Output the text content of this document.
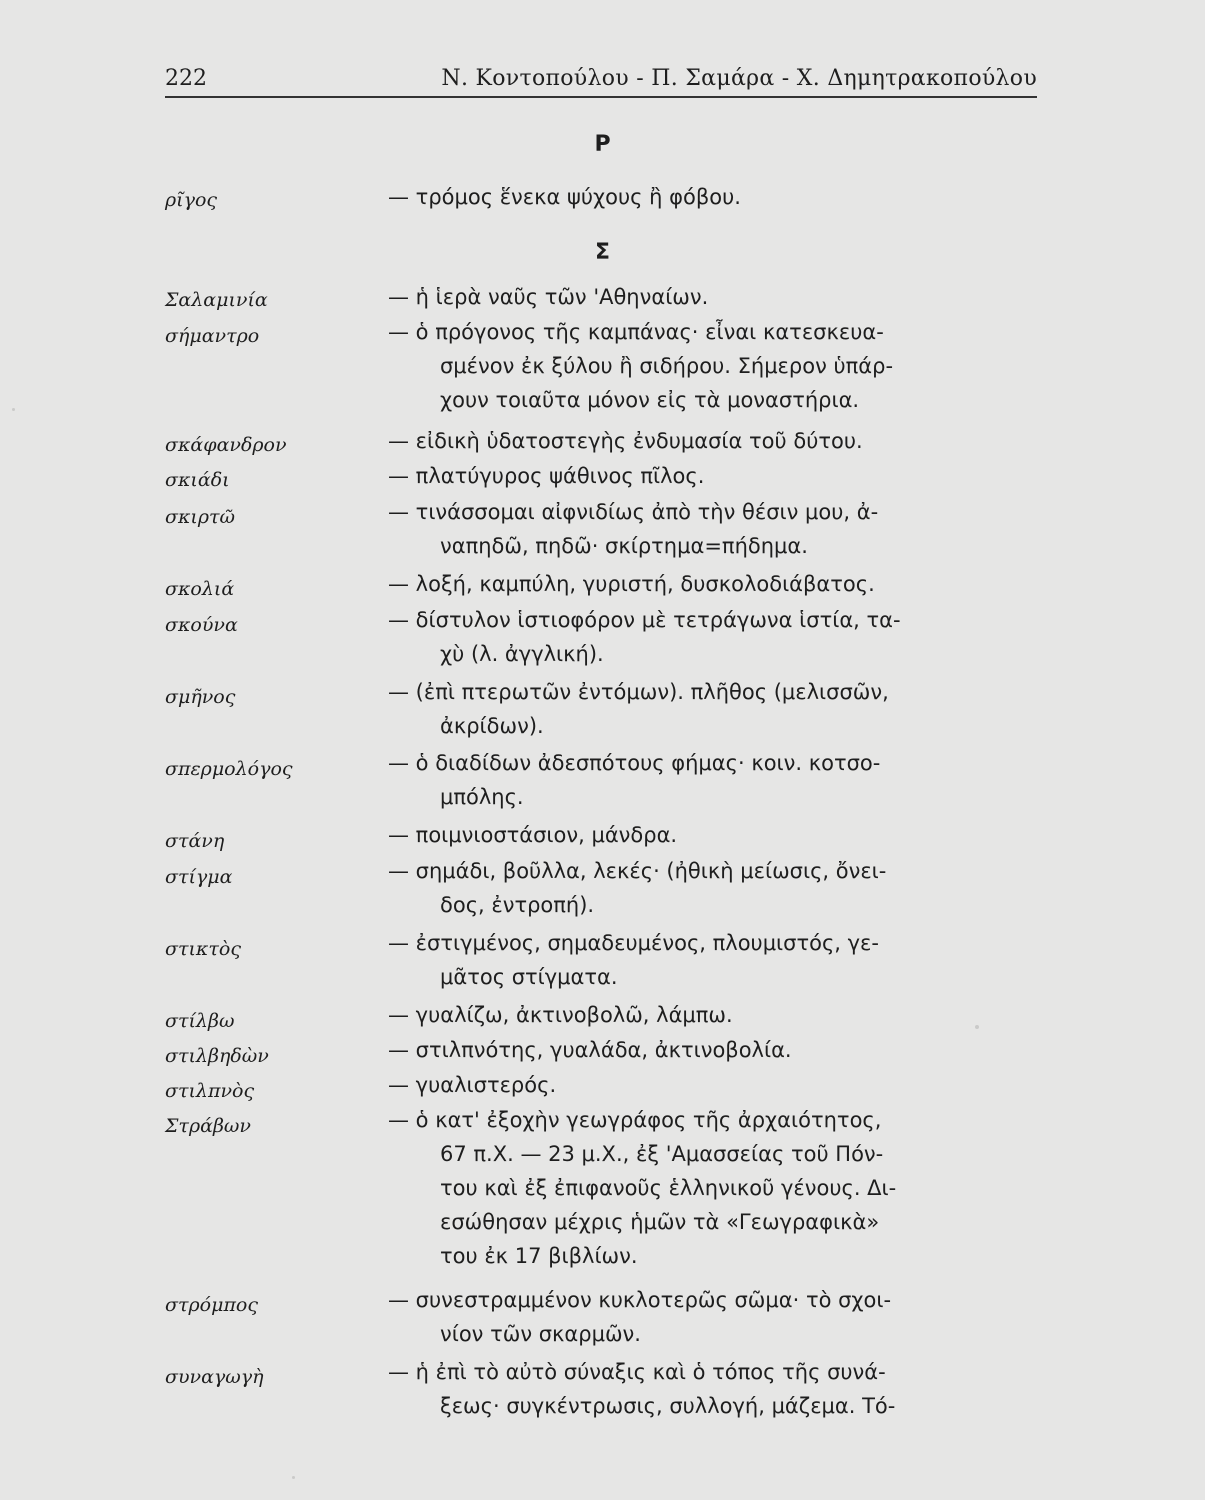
222	Ν. Κοντοπούλου - Π. Σαμάρα - Χ. Δημητρακοπούλου
Ρ
ρῖγος	— τρόμος ἕνεκα ψύχους ἢ φόβου.
Σ
Σαλαμινία	— ἡ ἱερὰ ναῦς τῶν 'Αθηναίων.
σήμαντρο	— ὁ πρόγονος τῆς καμπάνας· εἶναι κατεσκευα-
σμένον ἐκ ξύλου ἢ σιδήρου. Σήμερον ὑπάρ-
χουν τοιαῦτα μόνον εἰς τὰ μοναστήρια.
σκάφανδρον	— εἰδικὴ ὑδατοστεγὴς ἐνδυμασία τοῦ δύτου.
σκιάδι	— πλατύγυρος ψάθινος πῖλος.
σκιρτῶ	— τινάσσομαι αἰφνιδίως ἀπὸ τὴν θέσιν μου, ἀ-
ναπηδῶ, πηδῶ· σκίρτημα=πήδημα.
σκολιά	— λοξή, καμπύλη, γυριστή, δυσκολοδιάβατος.
σκούνα	— δίστυλον ἱστιοφόρον μὲ τετράγωνα ἱστία, τα-
χὺ (λ. ἀγγλική).
σμῆνος	— (ἐπὶ πτερωτῶν ἐντόμων). πλῆθος (μελισσῶν,
ἀκρίδων).
σπερμολόγος	— ὁ διαδίδων ἀδεσπότους φήμας· κοιν. κοτσο-
μπόλης.
στάνη	— ποιμνιοστάσιον, μάνδρα.
στίγμα	— σημάδι, βοῦλλα, λεκές· (ἠθικὴ μείωσις, ὄνει-
δος, ἐντροπή).
στικτὸς	— ἐστιγμένος, σημαδευμένος, πλουμιστός, γε-
μᾶτος στίγματα.
στίλβω	— γυαλίζω, ἀκτινοβολῶ, λάμπω.
στιλβηδὼν	— στιλπνότης, γυαλάδα, ἀκτινοβολία.
στιλπνὸς	— γυαλιστερός.
Στράβων	— ὁ κατ' ἐξοχὴν γεωγράφος τῆς ἀρχαιότητος,
67 π.Χ. — 23 μ.Χ., ἐξ 'Αμασσείας τοῦ Πόν-
του καὶ ἐξ ἐπιφανοῦς ἑλληνικοῦ γένους. Δι-
εσώθησαν μέχρις ἡμῶν τὰ «Γεωγραφικὰ»
του ἐκ 17 βιβλίων.
στρόμπος	— συνεστραμμένον κυκλοτερῶς σῶμα· τὸ σχοι-
νίον τῶν σκαρμῶν.
συναγωγὴ	— ἡ ἐπὶ τὸ αὐτὸ σύναξις καὶ ὁ τόπος τῆς συνά-
ξεως· συγκέντρωσις, συλλογή, μάζεμα. Τό-
